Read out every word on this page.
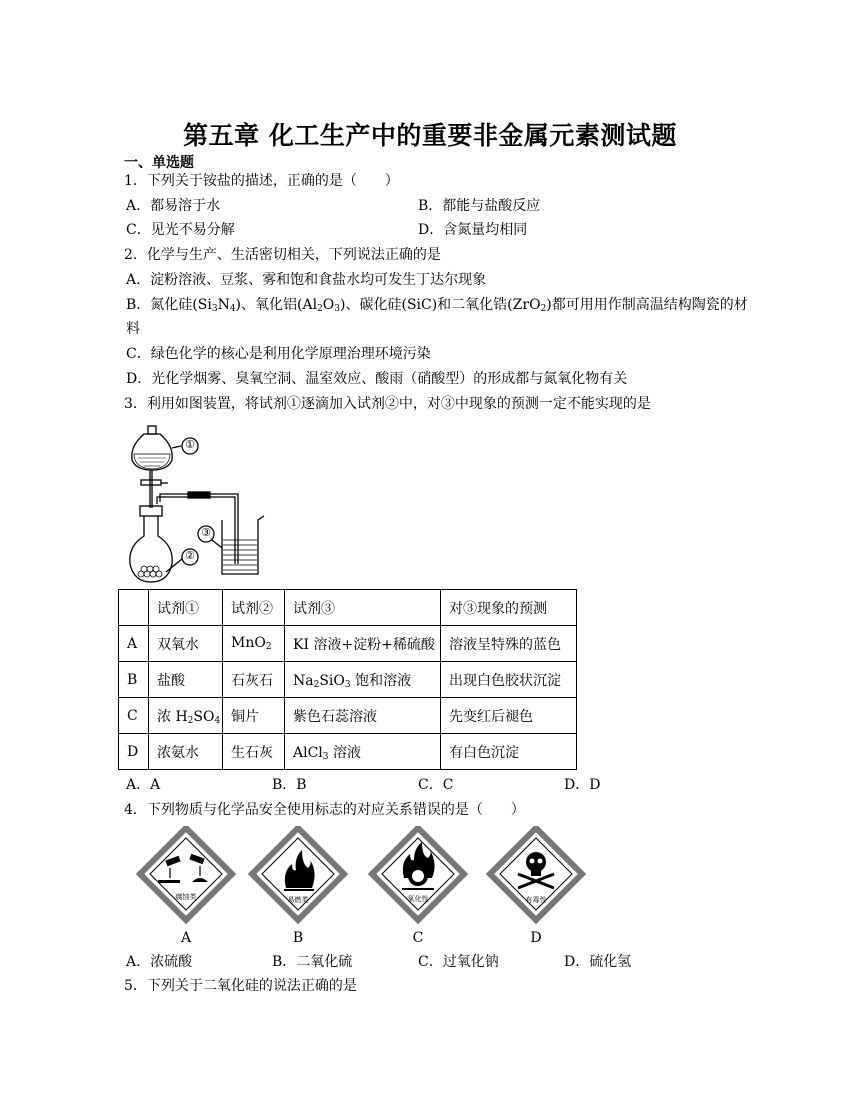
第五章 化工生产中的重要非金属元素测试题
一、单选题
1．下列关于铵盐的描述，正确的是（　　）
A．都易溶于水	B．都能与盐酸反应
C．见光不易分解	D．含氮量均相同
2．化学与生产、生活密切相关，下列说法正确的是
A．淀粉溶液、豆浆、雾和饱和食盐水均可发生丁达尔现象
B．氮化硅$(Si_3N_4)$、氧化铝$(Al_2O_3)$、碳化硅(SiC)和二氧化锆(ZrO$_2$)都可用用作制高温结构陶瓷的材
料
C．绿色化学的核心是利用化学原理治理环境污染
D．光化学烟雾、臭氧空洞、温室效应、酸雨（硝酸型）的形成都与氮氧化物有关
3．利用如图装置，将试剂①逐滴加入试剂②中，对③中现象的预测一定不能实现的是
①
②
③
	试剂①	试剂②	试剂③	对③现象的预测
A	双氧水	MnO$_2$	KI 溶液+淀粉+稀硫酸	溶液呈特殊的蓝色
B	盐酸	石灰石	$Na_2SiO_3$ 饱和溶液	出现白色胶状沉淀
C	浓 $H_2SO_4$	铜片	紫色石蕊溶液	先变红后褪色
D	浓氨水	生石灰	AlCl$_3$ 溶液	有白色沉淀
A．A	B．B	C．C	D．D
4．下列物质与化学品安全使用标志的对应关系错误的是（　　）
腐蚀类
A
易燃类
B
氧化性
C
有毒性
D
A．浓硫酸	B．二氧化硫	C．过氧化钠	D．硫化氢
5．下列关于二氧化硅的说法正确的是
